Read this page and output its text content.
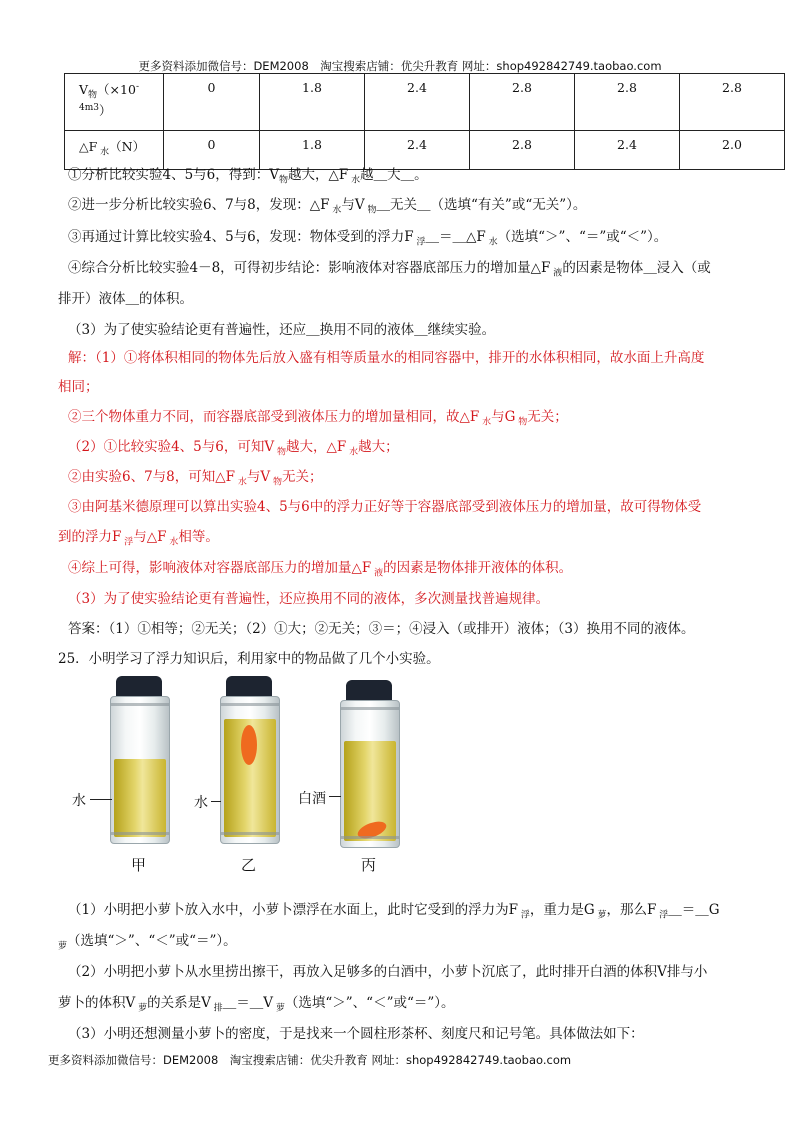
更多资料添加微信号：DEM2008　淘宝搜索店铺：优尖升教育 网址：shop492842749.taobao.com
$V_物(\times 10^-$
$^{4m3}$）	0	1.8	2.4	2.8	2.8	2.8
△F $_水$（N）	0	1.8	2.4	2.8	2.4	2.0
①分析比较实验4、5与6，得到：$V_物$越大，△F $_水$越＿大＿。
②进一步分析比较实验6、7与8，发现：△F $_水$与V $_物$＿无关＿（选填“有关”或“无关”）。
③再通过计算比较实验4、5与6，发现：物体受到的浮力F $_浮$＿＝＿△F $_水$（选填“＞”、“＝”或“＜”）。
④综合分析比较实验4－8，可得初步结论：影响液体对容器底部压力的增加量△F $_液$的因素是物体＿浸入（或
排开）液体＿的体积。
（3）为了使实验结论更有普遍性，还应＿换用不同的液体＿继续实验。
解：（1）①将体积相同的物体先后放入盛有相等质量水的相同容器中，排开的水体积相同，故水面上升高度
相同；
②三个物体重力不同，而容器底部受到液体压力的增加量相同，故△F $_水$与G $_物$无关；
（2）①比较实验4、5与6，可知V $_物$越大，△F $_水$越大；
②由实验6、7与8，可知△F $_水$与V $_物$无关；
③由阿基米德原理可以算出实验4、5与6中的浮力正好等于容器底部受到液体压力的增加量，故可得物体受
到的浮力F $_浮$与△F $_水$相等。
④综上可得，影响液体对容器底部压力的增加量△F $_液$的因素是物体排开液体的体积。
（3）为了使实验结论更有普遍性，还应换用不同的液体，多次测量找普遍规律。
答案：（1）①相等；②无关；（2）①大；②无关；③＝；④浸入（或排开）液体；（3）换用不同的液体。
25．小明学习了浮力知识后，利用家中的物品做了几个小实验。
水	水	白酒
甲	乙	丙
（1）小明把小萝卜放入水中，小萝卜漂浮在水面上，此时它受到的浮力为F $_浮$，重力是G $_萝$，那么F $_浮$＿＝＿G
$_萝$（选填“＞”、“＜”或“＝”）。
（2）小明把小萝卜从水里捞出擦干，再放入足够多的白酒中，小萝卜沉底了，此时排开白酒的体积V排与小
萝卜的体积V $_萝$的关系是V $_排$＿＝＿V $_萝$（选填“＞”、“＜”或“＝”）。
（3）小明还想测量小萝卜的密度，于是找来一个圆柱形茶杯、刻度尺和记号笔。具体做法如下：
更多资料添加微信号：DEM2008　淘宝搜索店铺：优尖升教育 网址：shop492842749.taobao.com
